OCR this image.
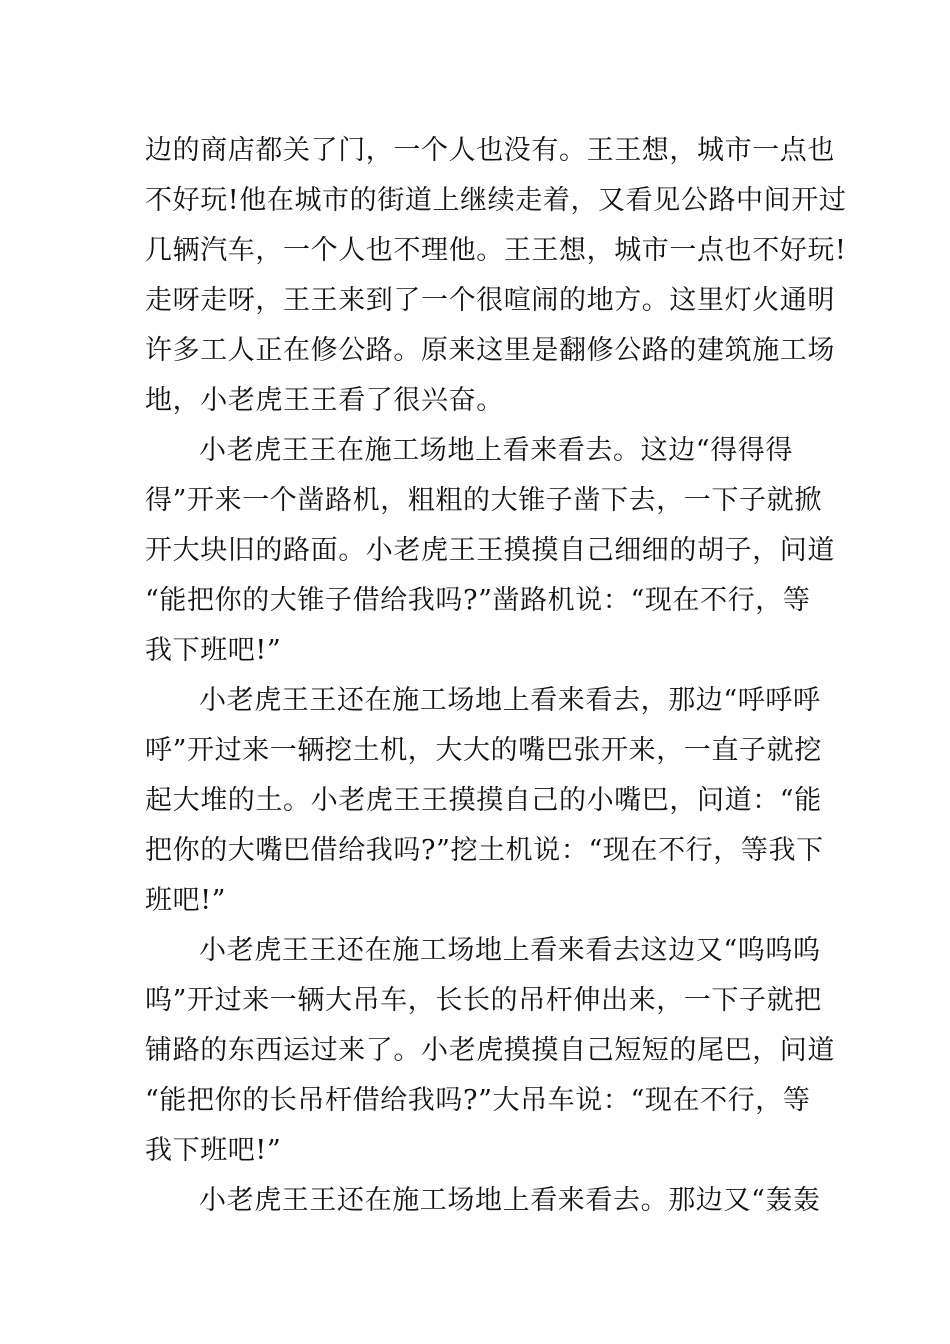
边的商店都关了门，一个人也没有。王王想，城市一点也
不好玩!他在城市的街道上继续走着，又看见公路中间开过
几辆汽车，一个人也不理他。王王想，城市一点也不好玩!
走呀走呀，王王来到了一个很喧闹的地方。这里灯火通明
许多工人正在修公路。原来这里是翻修公路的建筑施工场
地，小老虎王王看了很兴奋。
小老虎王王在施工场地上看来看去。这边“得得得
得”开来一个凿路机，粗粗的大锥子凿下去，一下子就掀
开大块旧的路面。小老虎王王摸摸自己细细的胡子，问道
“能把你的大锥子借给我吗?”凿路机说：“现在不行，等
我下班吧!”
小老虎王王还在施工场地上看来看去，那边“呼呼呼
呼”开过来一辆挖土机，大大的嘴巴张开来，一直子就挖
起大堆的土。小老虎王王摸摸自己的小嘴巴，问道：“能
把你的大嘴巴借给我吗?”挖土机说：“现在不行，等我下
班吧!”
小老虎王王还在施工场地上看来看去这边又“呜呜呜
呜”开过来一辆大吊车，长长的吊杆伸出来，一下子就把
铺路的东西运过来了。小老虎摸摸自己短短的尾巴，问道
“能把你的长吊杆借给我吗?”大吊车说：“现在不行，等
我下班吧!”
小老虎王王还在施工场地上看来看去。那边又“轰轰
